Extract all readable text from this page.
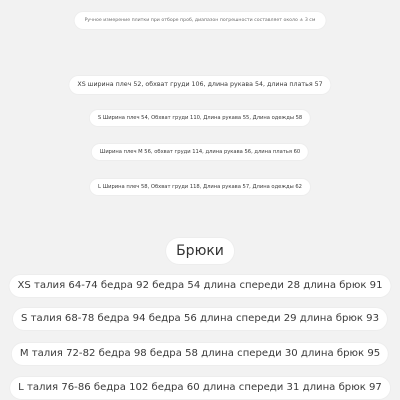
Ручное измерение плитки при отборе проб, диапазон погрешности составляет около ± 3 см
XS ширина плеч 52, обхват груди 106, длина рукава 54, длина платья 57
S Ширина плеч 54, Обхват груди 110, Длина рукава 55, Длина одежды 58
Ширина плеч M 56, обхват груди 114, длина рукава 56, длина платья 60
L Ширина плеч 58, Обхват груди 118, Длина рукава 57, Длина одежды 62
Брюки
XS талия 64-74 бедра 92 бедра 54 длина спереди 28 длина брюк 91
S талия 68-78 бедра 94 бедра 56 длина спереди 29 длина брюк 93
M талия 72-82 бедра 98 бедра 58 длина спереди 30 длина брюк 95
L талия 76-86 бедра 102 бедра 60 длина спереди 31 длина брюк 97
